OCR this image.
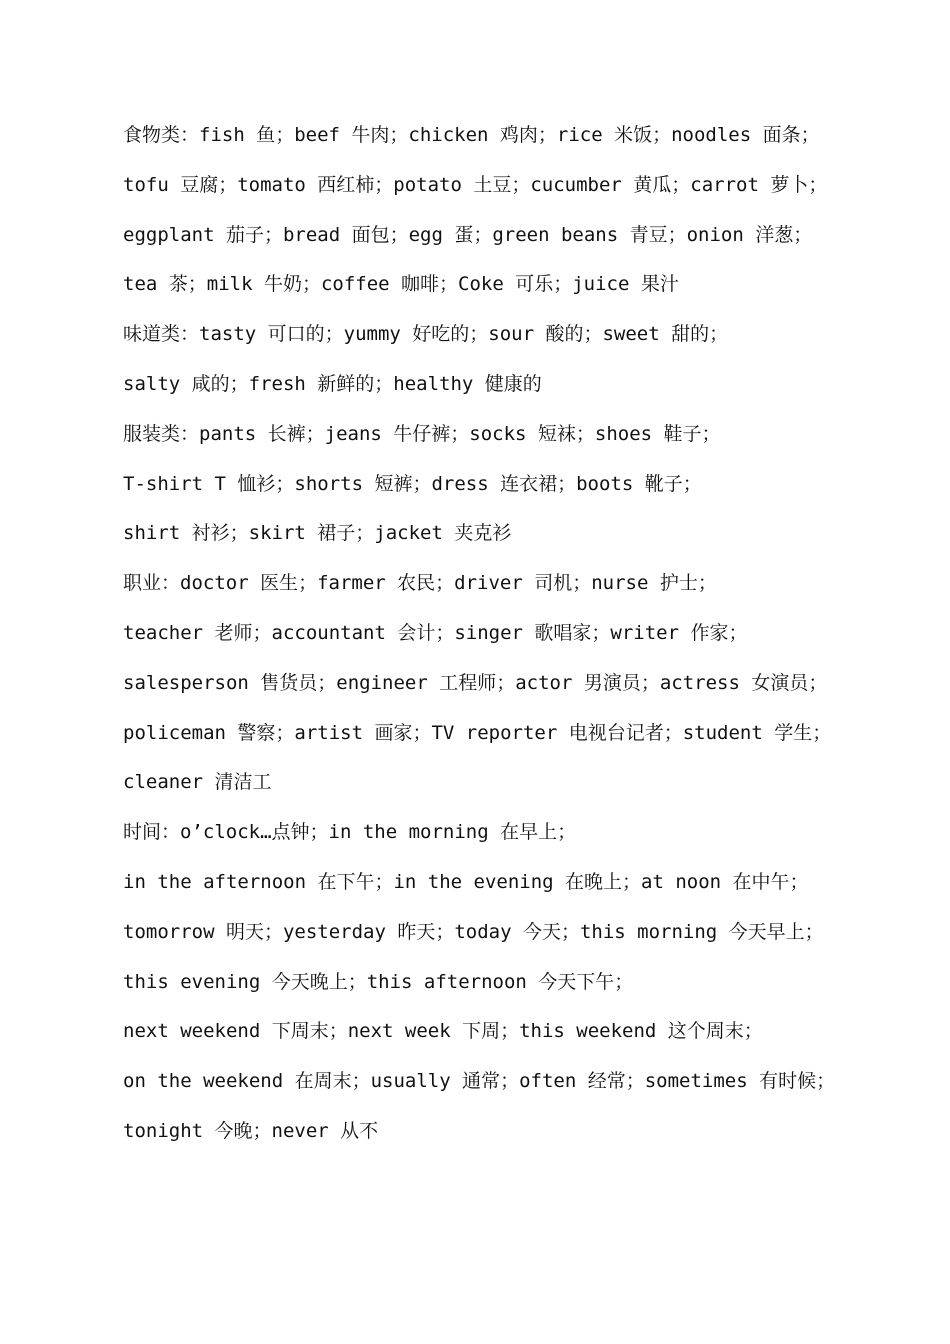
食物类：fish 鱼；beef 牛肉；chicken 鸡肉；rice 米饭；noodles 面条；
tofu 豆腐；tomato 西红柿；potato 土豆；cucumber 黄瓜；carrot 萝卜；
eggplant 茄子；bread 面包；egg 蛋；green beans 青豆；onion 洋葱；
tea 茶；milk 牛奶；coffee 咖啡；Coke 可乐；juice 果汁
味道类：tasty 可口的；yummy 好吃的；sour 酸的；sweet 甜的；
salty 咸的；fresh 新鲜的；healthy 健康的
服装类：pants 长裤；jeans 牛仔裤；socks 短袜；shoes 鞋子；
T-shirt T 恤衫；shorts 短裤；dress 连衣裙；boots 靴子；
shirt 衬衫；skirt 裙子；jacket 夹克衫
职业：doctor 医生；farmer 农民；driver 司机；nurse 护士；
teacher 老师；accountant 会计；singer 歌唱家；writer 作家；
salesperson 售货员；engineer 工程师；actor 男演员；actress 女演员；
policeman 警察；artist 画家；TV reporter 电视台记者；student 学生；
cleaner 清洁工
时间：o’clock…点钟；in the morning 在早上；
in the afternoon 在下午；in the evening 在晚上；at noon 在中午；
tomorrow 明天；yesterday 昨天；today 今天；this morning 今天早上；
this evening 今天晚上；this afternoon 今天下午；
next weekend 下周末；next week 下周；this weekend 这个周末；
on the weekend 在周末；usually 通常；often 经常；sometimes 有时候；
tonight 今晚；never 从不
